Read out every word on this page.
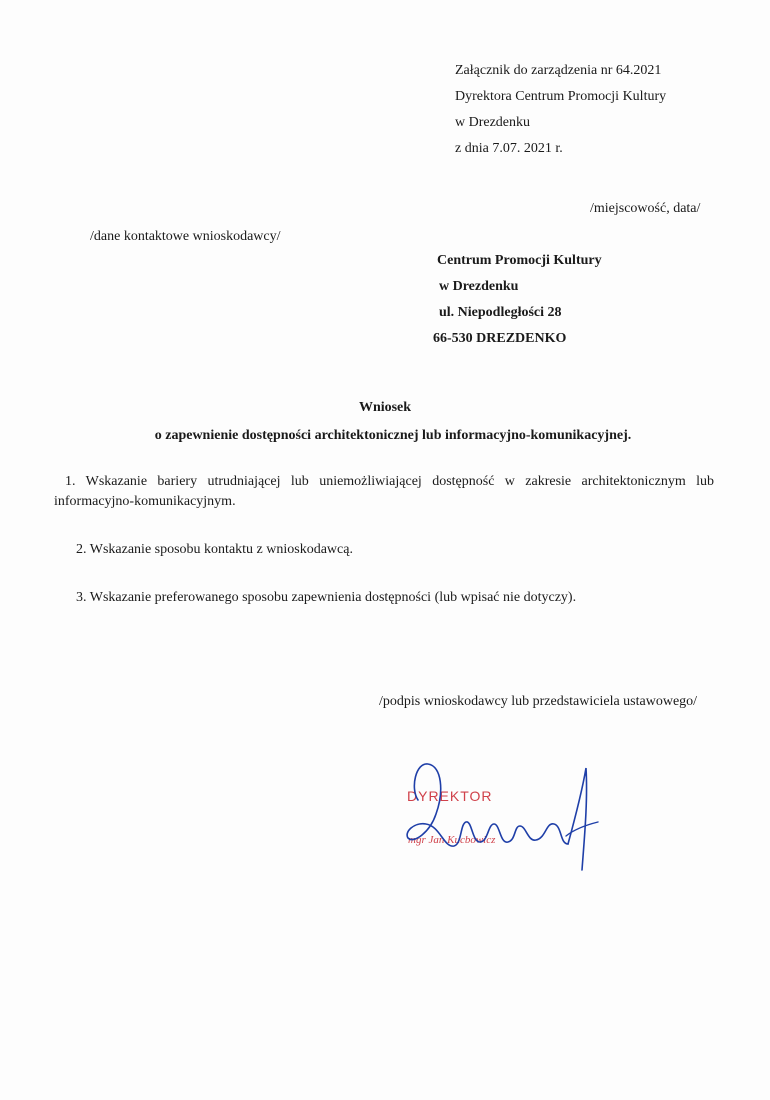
Załącznik do zarządzenia nr 64.2021
Dyrektora Centrum Promocji Kultury
w Drezdenku
z dnia 7.07. 2021 r.
/miejscowość, data/
/dane kontaktowe wnioskodawcy/
Centrum Promocji Kultury
w Drezdenku
ul. Niepodległości 28
66-530 DREZDENKO
Wniosek
o zapewnienie dostępności architektonicznej lub informacyjno-komunikacyjnej.
1. Wskazanie bariery utrudniającej lub uniemożliwiającej dostępność w zakresie architektonicznym lub informacyjno-komunikacyjnym.
2. Wskazanie sposobu kontaktu z wnioskodawcą.
3. Wskazanie preferowanego sposobu zapewnienia dostępności (lub wpisać nie dotyczy).
/podpis wnioskodawcy lub przedstawiciela ustawowego/
DYREKTOR
mgr Jan Kucbowicz
